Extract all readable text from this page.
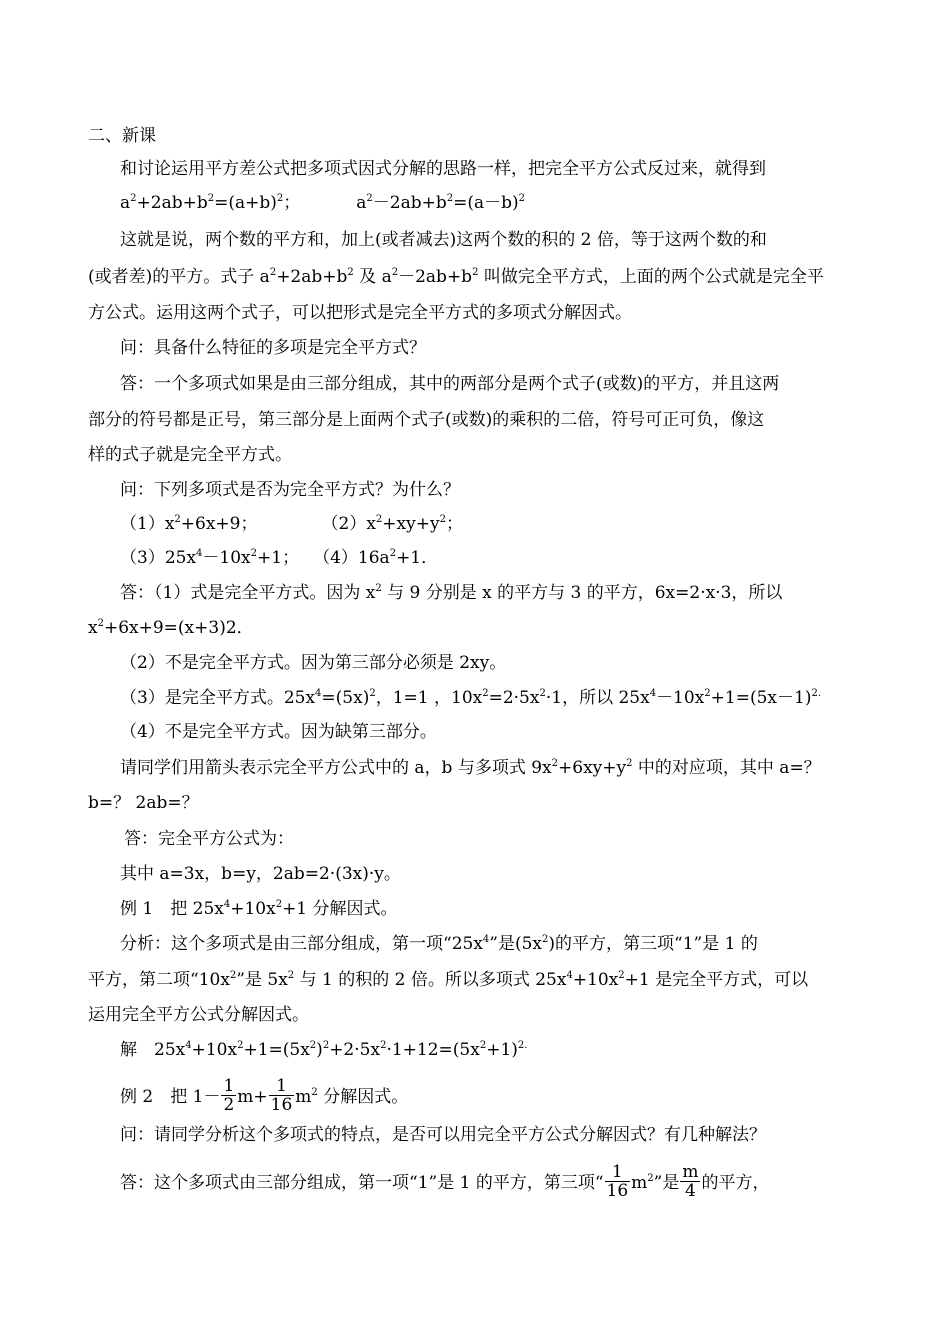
二、新课
和讨论运用平方差公式把多项式因式分解的思路一样，把完全平方公式反过来，就得到
$a^2+2ab+b^2=(a+b)^2$；	$a^2-2ab+b^2=(a-b)^2$
这就是说，两个数的平方和，加上(或者减去)这两个数的积的 2 倍，等于这两个数的和
(或者差)的平方。式子 $a^2+2ab+b^2$ 及 $a^2-2ab+b^2$ 叫做完全平方式，上面的两个公式就是完全平
方公式。运用这两个式子，可以把形式是完全平方式的多项式分解因式。
问：具备什么特征的多项是完全平方式？
答：一个多项式如果是由三部分组成，其中的两部分是两个式子(或数)的平方，并且这两
部分的符号都是正号，第三部分是上面两个式子(或数)的乘积的二倍，符号可正可负，像这
样的式子就是完全平方式。
问：下列多项式是否为完全平方式？为什么？
$(1)x^2+6x+9$；	$(2)x^2+xy+y^2$；
$(3)25x^4-10x^2+1$； $(4)16a^2+1$．
答：（1）式是完全平方式。因为 $x^2$ 与 9 分别是 x 的平方与 3 的平方，6x=2·x·3，所以
$x^2+6x+9=(x+3)2$．
（2）不是完全平方式。因为第三部分必须是 2xy。
（3）是完全平方式。$25x^4=(5x)^2$，1=1 ，$10x^2=2\cdot 5x^2\cdot 1$，所以 $25x^4-10x^2+1=(5x-1)^{2.}$
（4）不是完全平方式。因为缺第三部分。
请同学们用箭头表示完全平方公式中的 a，b 与多项式 $9x^2+6xy+y^2$ 中的对应项，其中 a=？
b=？ 2ab=？
答：完全平方公式为：
其中 a=3x，b=y，2ab=2·(3x)·y。
例 1　把 $25x^4+10x^2+1$ 分解因式。
分析：这个多项式是由三部分组成，第一项“$25x^4$”是$(5x^2)$的平方，第三项“1”是 1 的
平方，第二项“$10x^2$”是 $5x^2$ 与 1 的积的 2 倍。所以多项式 $25x^4+10x^2+1$ 是完全平方式，可以
运用完全平方公式分解因式。
解　$25x^4+10x^2+1=(5x^2)^2+2\cdot 5x^2\cdot 1+12=(5x^2+1)^{2.}$
例 2　把 $1- \frac{1}{2} m+ \frac{1}{16} m^2$ 分解因式。
问：请同学分析这个多项式的特点，是否可以用完全平方公式分解因式？有几种解法？
答：这个多项式由三部分组成，第一项“1”是 1 的平方，第三项“ $\frac{1}{16} m^2$”是 $\frac{m}{4}$ 的平方，
